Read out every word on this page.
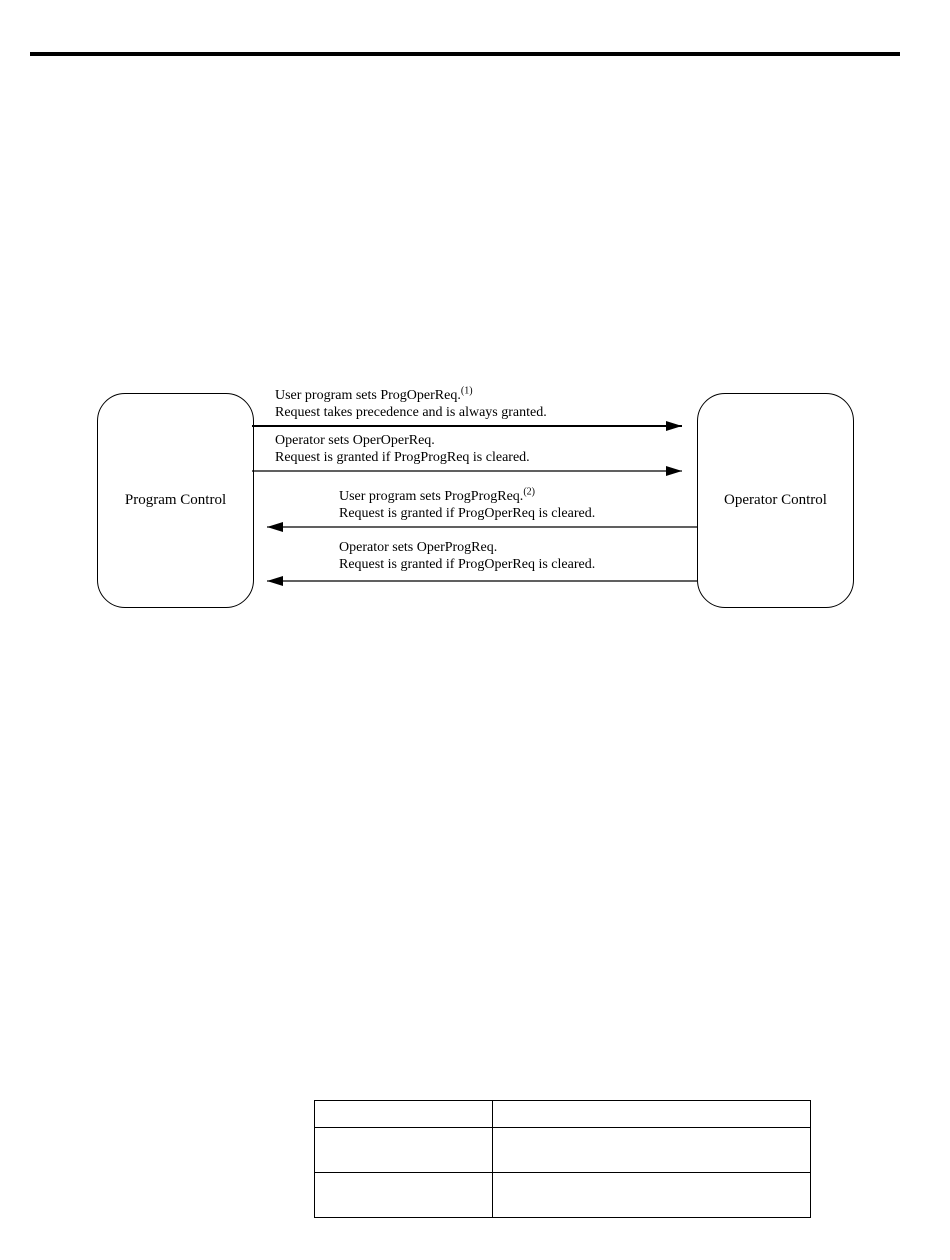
Program Control	Operator Control
User program sets ProgOperReq.$^{(1)}$
Request takes precedence and is always granted.
Operator sets OperOperReq.
Request is granted if ProgProgReq is cleared.
User program sets ProgProgReq.$^{(2)}$
Request is granted if ProgOperReq is cleared.
Operator sets OperProgReq.
Request is granted if ProgOperReq is cleared.
